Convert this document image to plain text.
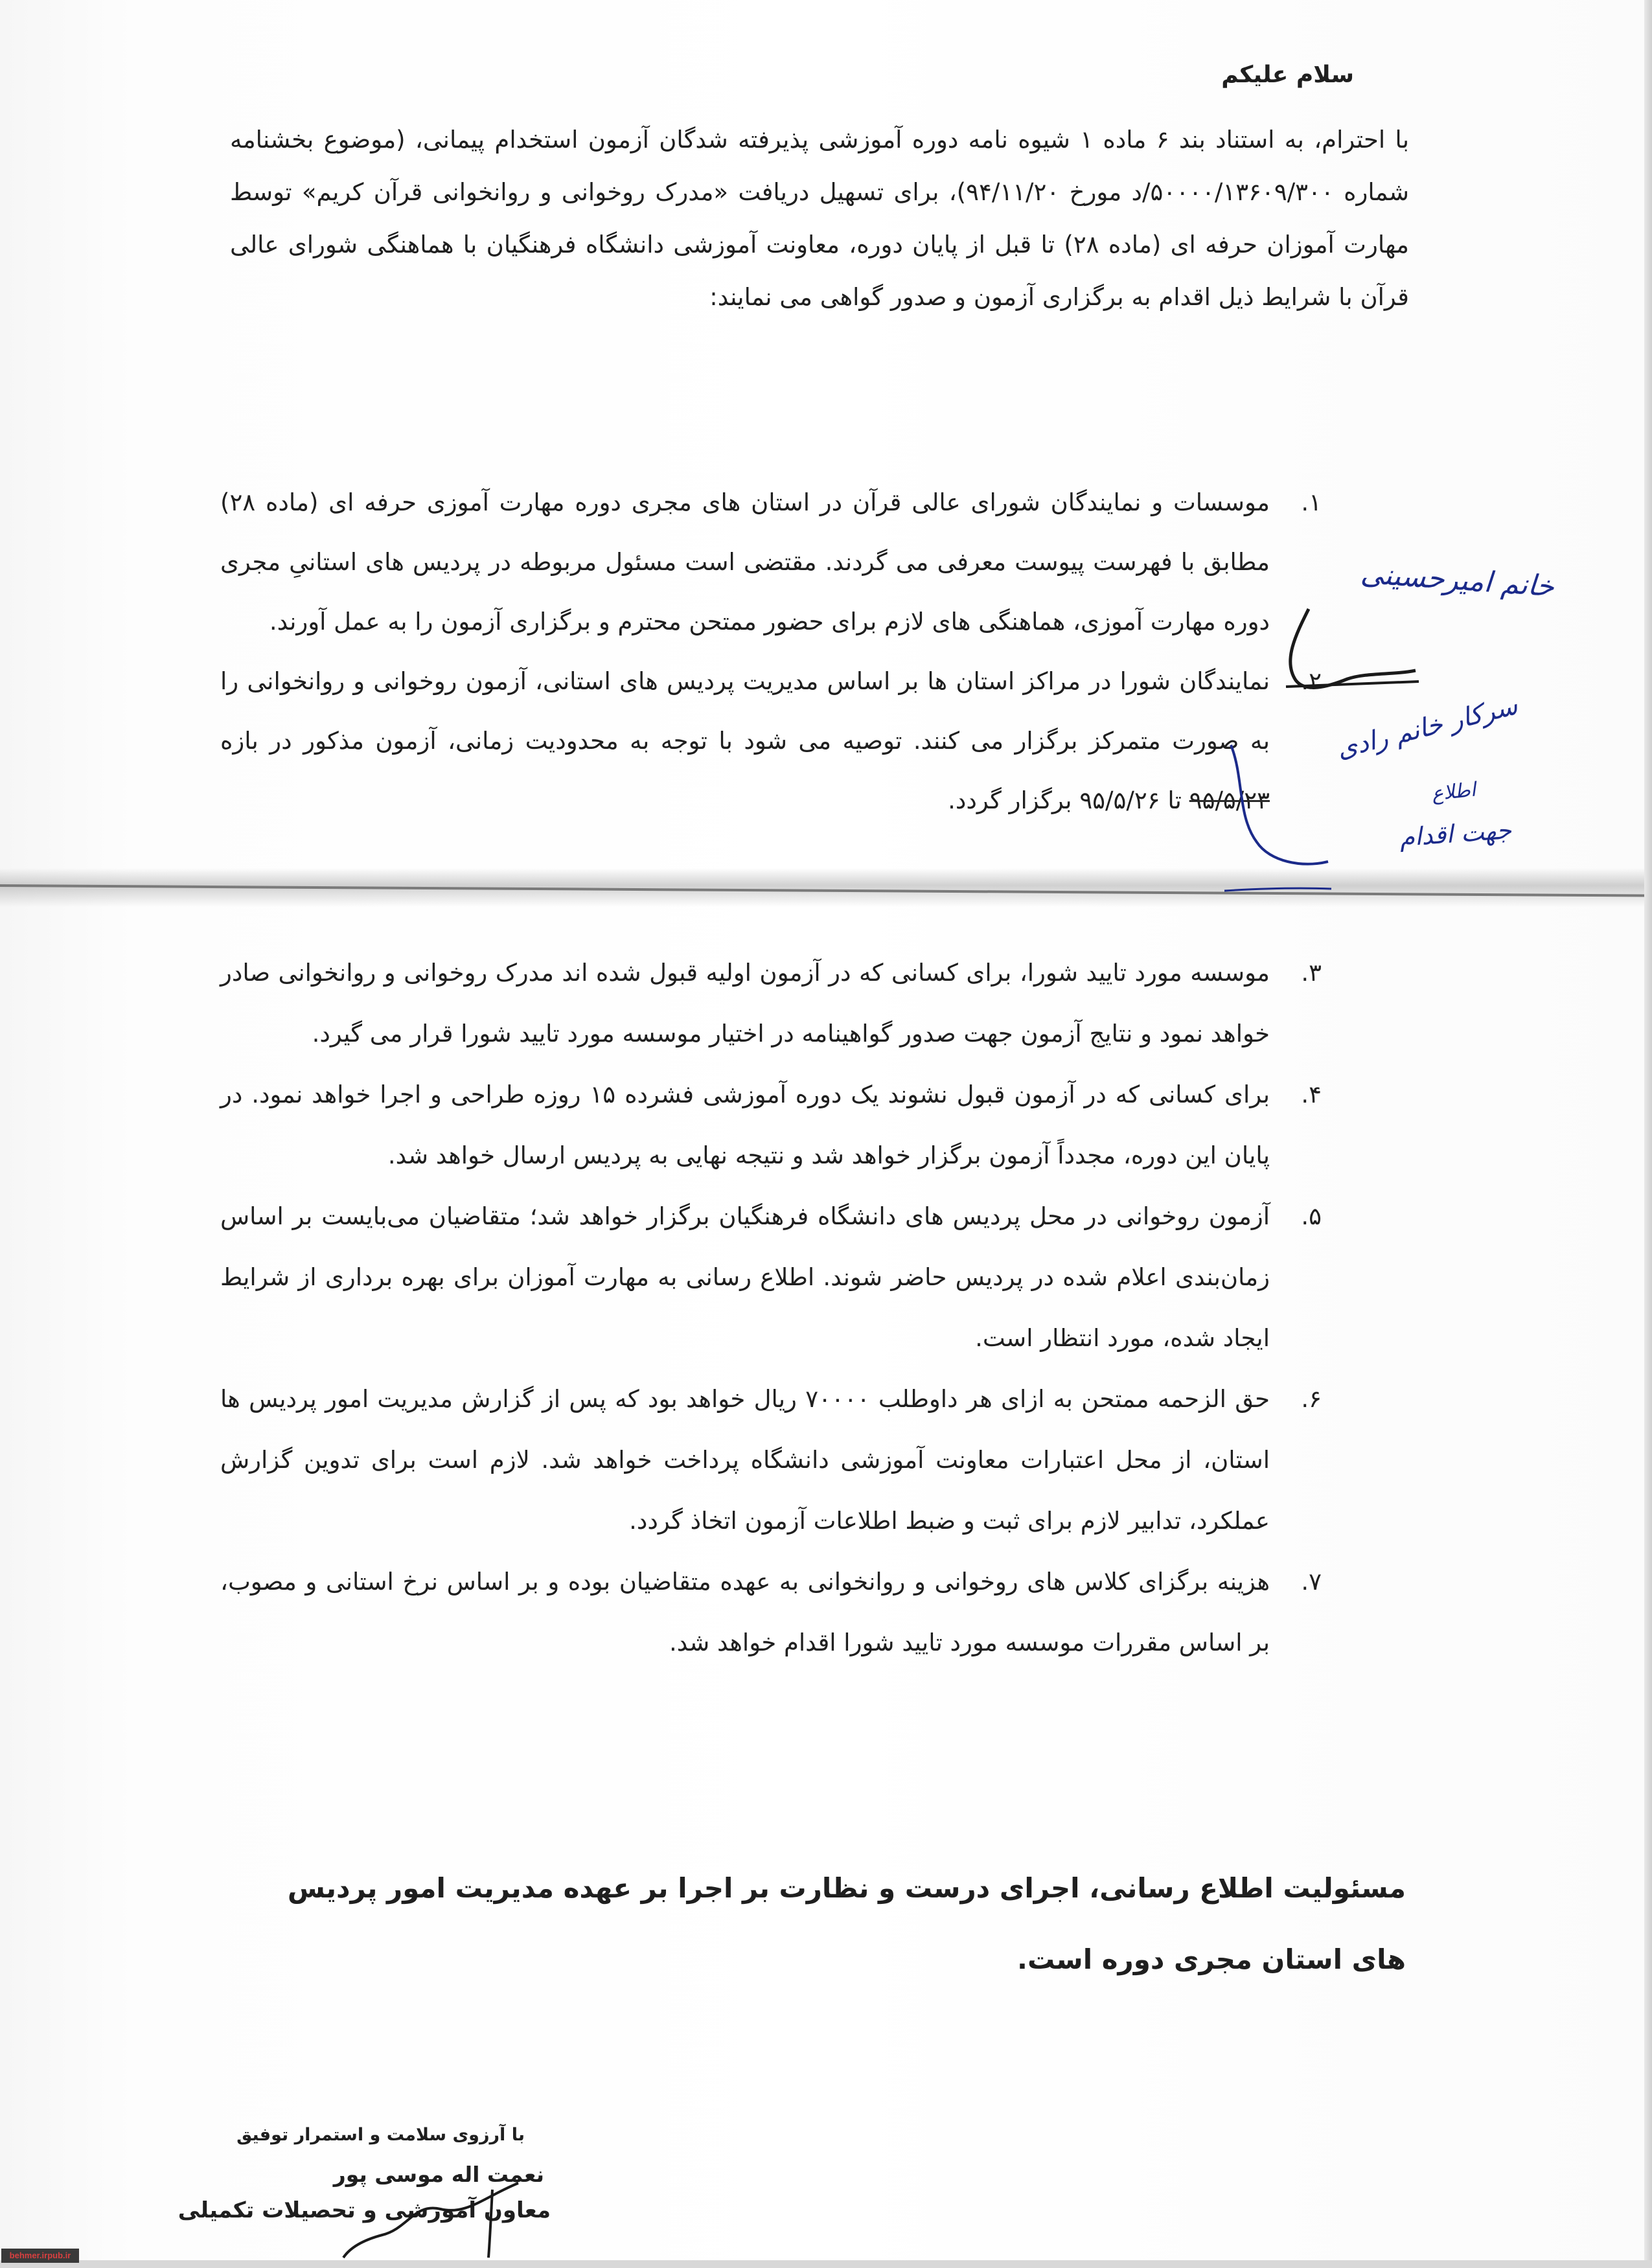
سلام علیکم
با احترام، به استناد بند ۶ ماده ۱ شیوه نامه دوره آموزشی پذیرفته شدگان آزمون استخدام پیمانی، (موضوع بخشنامه شماره ۵۰۰۰۰/۱۳۶۰۹/۳۰۰/د مورخ ۹۴/۱۱/۲۰)، برای تسهیل دریافت «مدرک روخوانی و روانخوانی قرآن کریم» توسط مهارت آموزان حرفه ای (ماده ۲۸) تا قبل از پایان دوره، معاونت آموزشی دانشگاه فرهنگیان با هماهنگی شورای عالی قرآن با شرایط ذیل اقدام به برگزاری آزمون و صدور گواهی می نمایند:
۱.
موسسات و نمایندگان شورای عالی قرآن در استان های مجری دوره مهارت آموزی حرفه ای (ماده ۲۸) مطابق با فهرست پیوست معرفی می گردند. مقتضی است مسئول مربوطه در پردیس های استانیِ مجری دوره مهارت آموزی، هماهنگی های لازم برای حضور ممتحن محترم و برگزاری آزمون را به عمل آورند.
۲.
نمایندگان شورا در مراکز استان ها بر اساس مدیریت پردیس های استانی، آزمون روخوانی و روانخوانی را به صورت متمرکز برگزار می کنند. توصیه می شود با توجه به محدودیت زمانی، آزمون مذکور در بازه ۹۵/۵/۲۳ تا ۹۵/۵/۲۶ برگزار گردد.
۳.
موسسه مورد تایید شورا، برای کسانی که در آزمون اولیه قبول شده اند مدرک روخوانی و روانخوانی صادر خواهد نمود و نتایج آزمون جهت صدور گواهینامه در اختیار موسسه مورد تایید شورا قرار می گیرد.
۴.
برای کسانی که در آزمون قبول نشوند یک دوره آموزشی فشرده ۱۵ روزه طراحی و اجرا خواهد نمود. در پایان این دوره، مجدداً آزمون برگزار خواهد شد و نتیجه نهایی به پردیس ارسال خواهد شد.
۵.
آزمون روخوانی در محل پردیس های دانشگاه فرهنگیان برگزار خواهد شد؛ متقاضیان می‌بایست بر اساس زمان‌بندی اعلام شده در پردیس حاضر شوند. اطلاع رسانی به مهارت آموزان برای بهره برداری از شرایط ایجاد شده، مورد انتظار است.
۶.
حق الزحمه ممتحن به ازای هر داوطلب ۷۰۰۰۰ ریال خواهد بود که پس از گزارش مدیریت امور پردیس ها استان، از محل اعتبارات معاونت آموزشی دانشگاه پرداخت خواهد شد. لازم است برای تدوین گزارش عملکرد، تدابیر لازم برای ثبت و ضبط اطلاعات آزمون اتخاذ گردد.
۷.
هزینه برگزای کلاس های روخوانی و روانخوانی به عهده متقاضیان بوده و بر اساس نرخ استانی و مصوب، بر اساس مقررات موسسه مورد تایید شورا اقدام خواهد شد.
مسئولیت اطلاع رسانی، اجرای درست و نظارت بر اجرا بر عهده مدیریت امور پردیس های استان مجری دوره است.
با آرزوی سلامت و استمرار توفیق
نعمت اله موسی پور
معاون آموزشی و تحصیلات تکمیلی
خانم امیرحسینی
سرکار خانم رادی
اطلاع
جهت اقدام
behmer.irpub.ir
